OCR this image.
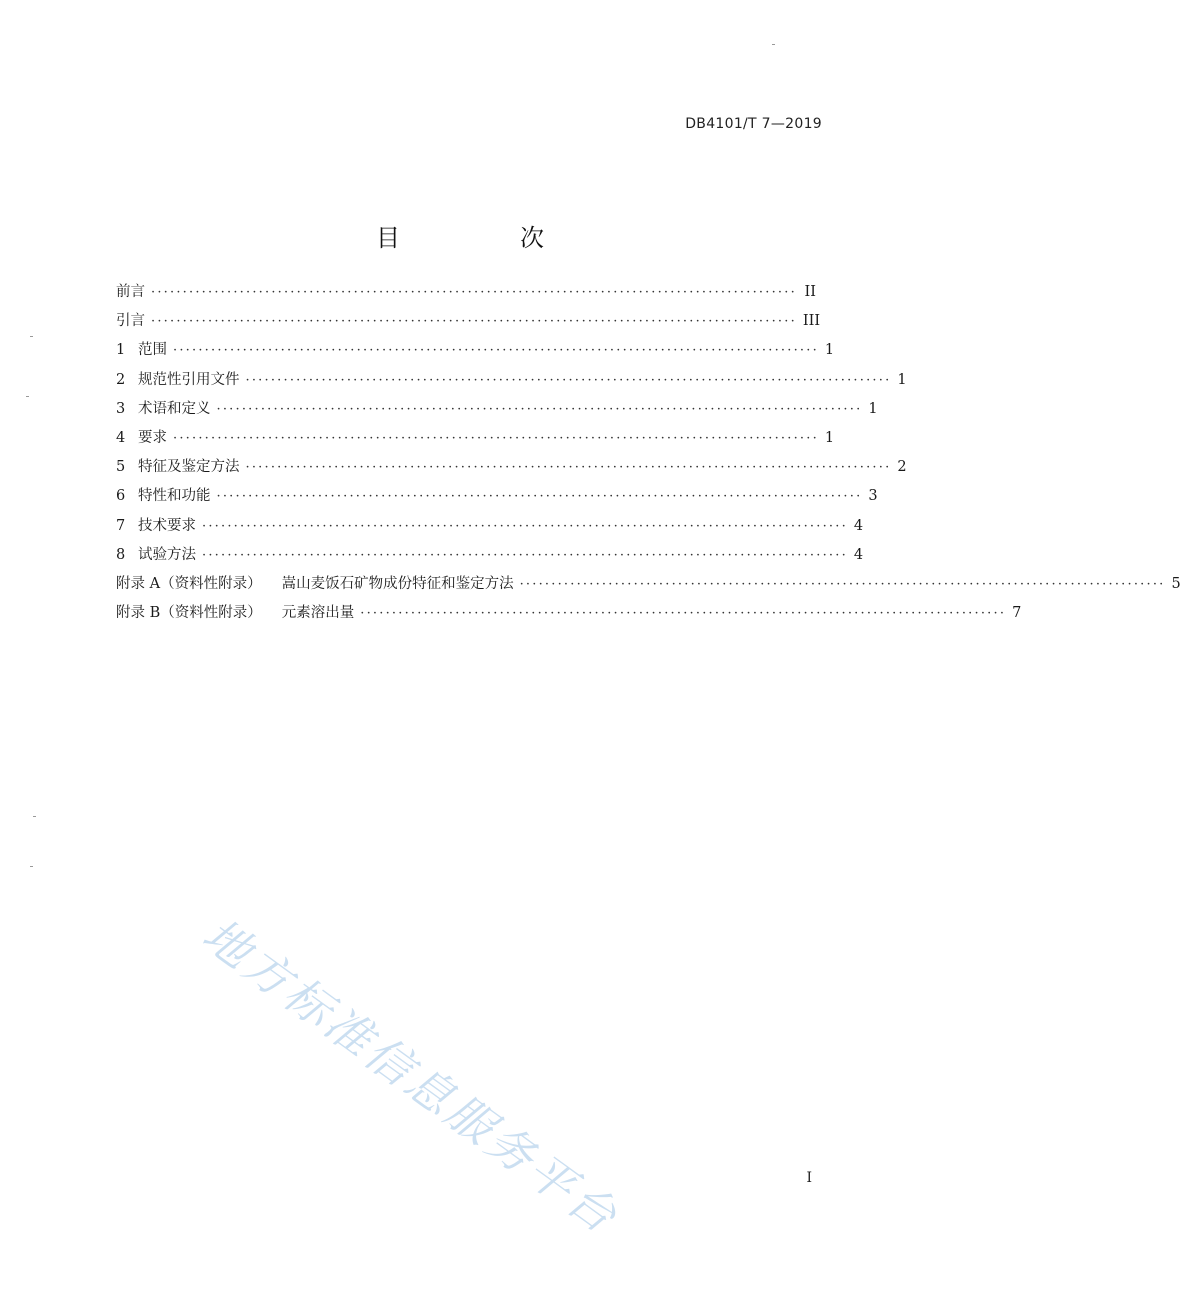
DB4101/T 7—2019
目　次
前言 ······································································································ II
引言 ······································································································ III
1 范围 ······································································································ 1
2 规范性引用文件 ······································································································ 1
3 术语和定义 ······································································································ 1
4 要求 ······································································································ 1
5 特征及鉴定方法 ······································································································ 2
6 特性和功能 ······································································································ 3
7 技术要求 ······································································································ 4
8 试验方法 ······································································································ 4
附录 A（资料性附录） 嵩山麦饭石矿物成份特征和鉴定方法 ······································································································ 5
附录 B（资料性附录） 元素溶出量 ······································································································ 7
地方标准信息服务平台	I
